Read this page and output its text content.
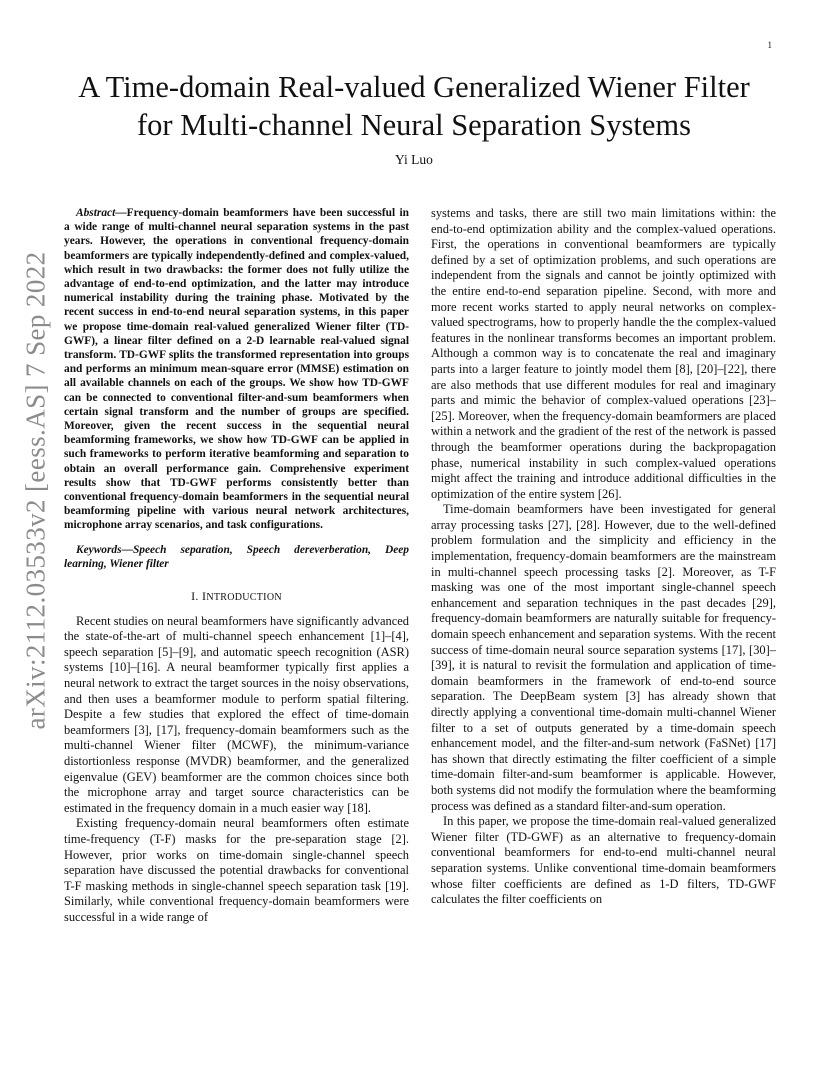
1
arXiv:2112.03533v2 [eess.AS] 7 Sep 2022
A Time-domain Real-valued Generalized Wiener Filter for Multi-channel Neural Separation Systems
Yi Luo

Abstract—Frequency-domain beamformers have been successful in a wide range of multi-channel neural separation systems in the past years. However, the operations in conventional frequency-domain beamformers are typically independently-defined and complex-valued, which result in two drawbacks: the former does not fully utilize the advantage of end-to-end optimization, and the latter may introduce numerical instability during the training phase. Motivated by the recent success in end-to-end neural separation systems, in this paper we propose time-domain real-valued generalized Wiener filter (TD-GWF), a linear filter defined on a 2-D learnable real-valued signal transform. TD-GWF splits the transformed representation into groups and performs an minimum mean-square error (MMSE) estimation on all available channels on each of the groups. We show how TD-GWF can be connected to conventional filter-and-sum beamformers when certain signal transform and the number of groups are specified. Moreover, given the recent success in the sequential neural beamforming frameworks, we show how TD-GWF can be applied in such frameworks to perform iterative beamforming and separation to obtain an overall performance gain. Comprehensive experiment results show that TD-GWF performs consistently better than conventional frequency-domain beamformers in the sequential neural beamforming pipeline with various neural network architectures, microphone array scenarios, and task configurations.

Keywords—Speech separation, Speech dereverberation, Deep learning, Wiener filter

I. INTRODUCTION

Recent studies on neural beamformers have significantly advanced the state-of-the-art of multi-channel speech enhancement [1]–[4], speech separation [5]–[9], and automatic speech recognition (ASR) systems [10]–[16]. A neural beamformer typically first applies a neural network to extract the target sources in the noisy observations, and then uses a beamformer module to perform spatial filtering. Despite a few studies that explored the effect of time-domain beamformers [3], [17], frequency-domain beamformers such as the multi-channel Wiener filter (MCWF), the minimum-variance distortionless response (MVDR) beamformer, and the generalized eigenvalue (GEV) beamformer are the common choices since both the microphone array and target source characteristics can be estimated in the frequency domain in a much easier way [18].

Existing frequency-domain neural beamformers often estimate time-frequency (T-F) masks for the pre-separation stage [2]. However, prior works on time-domain single-channel speech separation have discussed the potential drawbacks for conventional T-F masking methods in single-channel speech separation task [19]. Similarly, while conventional frequency-domain beamformers were successful in a wide range of

systems and tasks, there are still two main limitations within: the end-to-end optimization ability and the complex-valued operations. First, the operations in conventional beamformers are typically defined by a set of optimization problems, and such operations are independent from the signals and cannot be jointly optimized with the entire end-to-end separation pipeline. Second, with more and more recent works started to apply neural networks on complex-valued spectrograms, how to properly handle the the complex-valued features in the nonlinear transforms becomes an important problem. Although a common way is to concatenate the real and imaginary parts into a larger feature to jointly model them [8], [20]–[22], there are also methods that use different modules for real and imaginary parts and mimic the behavior of complex-valued operations [23]–[25]. Moreover, when the frequency-domain beamformers are placed within a network and the gradient of the rest of the network is passed through the beamformer operations during the backpropagation phase, numerical instability in such complex-valued operations might affect the training and introduce additional difficulties in the optimization of the entire system [26].

Time-domain beamformers have been investigated for general array processing tasks [27], [28]. However, due to the well-defined problem formulation and the simplicity and efficiency in the implementation, frequency-domain beamformers are the mainstream in multi-channel speech processing tasks [2]. Moreover, as T-F masking was one of the most important single-channel speech enhancement and separation techniques in the past decades [29], frequency-domain beamformers are naturally suitable for frequency-domain speech enhancement and separation systems. With the recent success of time-domain neural source separation systems [17], [30]–[39], it is natural to revisit the formulation and application of time-domain beamformers in the framework of end-to-end source separation. The DeepBeam system [3] has already shown that directly applying a conventional time-domain multi-channel Wiener filter to a set of outputs generated by a time-domain speech enhancement model, and the filter-and-sum network (FaSNet) [17] has shown that directly estimating the filter coefficient of a simple time-domain filter-and-sum beamformer is applicable. However, both systems did not modify the formulation where the beamforming process was defined as a standard filter-and-sum operation.

In this paper, we propose the time-domain real-valued generalized Wiener filter (TD-GWF) as an alternative to frequency-domain conventional beamformers for end-to-end multi-channel neural separation systems. Unlike conventional time-domain beamformers whose filter coefficients are defined as 1-D filters, TD-GWF calculates the filter coefficients on
